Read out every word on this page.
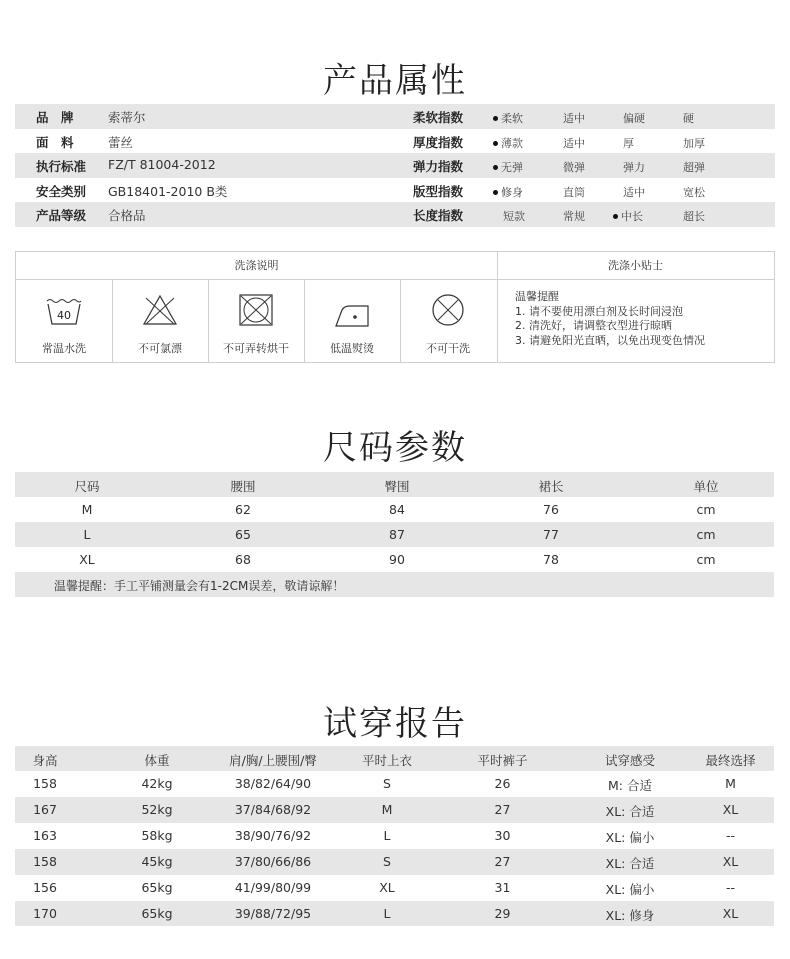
产品属性
品　牌	索蒂尔	柔软指数	柔软	适中	偏硬	硬
面　料	蕾丝	厚度指数	薄款	适中	厚	加厚
执行标准 FZ/T 81004-2012	弹力指数	无弹	微弹	弹力	超弹
安全类别 GB18401-2010 B类	版型指数	修身	直筒	适中	宽松
产品等级 合格品	长度指数	短款	常规	中长	超长
洗涤说明	洗涤小贴士
40
常温水洗	不可氯漂	不可弄转烘干	低温熨烫	不可干洗
温馨提醒
1. 请不要使用漂白剂及长时间浸泡
2. 清洗好，请调整衣型进行晾晒
3. 请避免阳光直晒，以免出现变色情况
尺码参数
尺码	腰围	臀围	裙长	单位
M	62	84	76	cm
L	65	87	77	cm
XL	68	90	78	cm
温馨提醒：手工平铺测量会有1-2CM误差，敬请谅解！
试穿报告
身高	体重	肩/胸/上腰围/臀	平时上衣	平时裤子	试穿感受	最终选择
158	42kg	38/82/64/90	S	26	M: 合适	M
167	52kg	37/84/68/92	M	27	XL: 合适	XL
163	58kg	38/90/76/92	L	30	XL: 偏小	--
158	45kg	37/80/66/86	S	27	XL: 合适	XL
156	65kg	41/99/80/99	XL	31	XL: 偏小	--
170	65kg	39/88/72/95	L	29	XL: 修身	XL
